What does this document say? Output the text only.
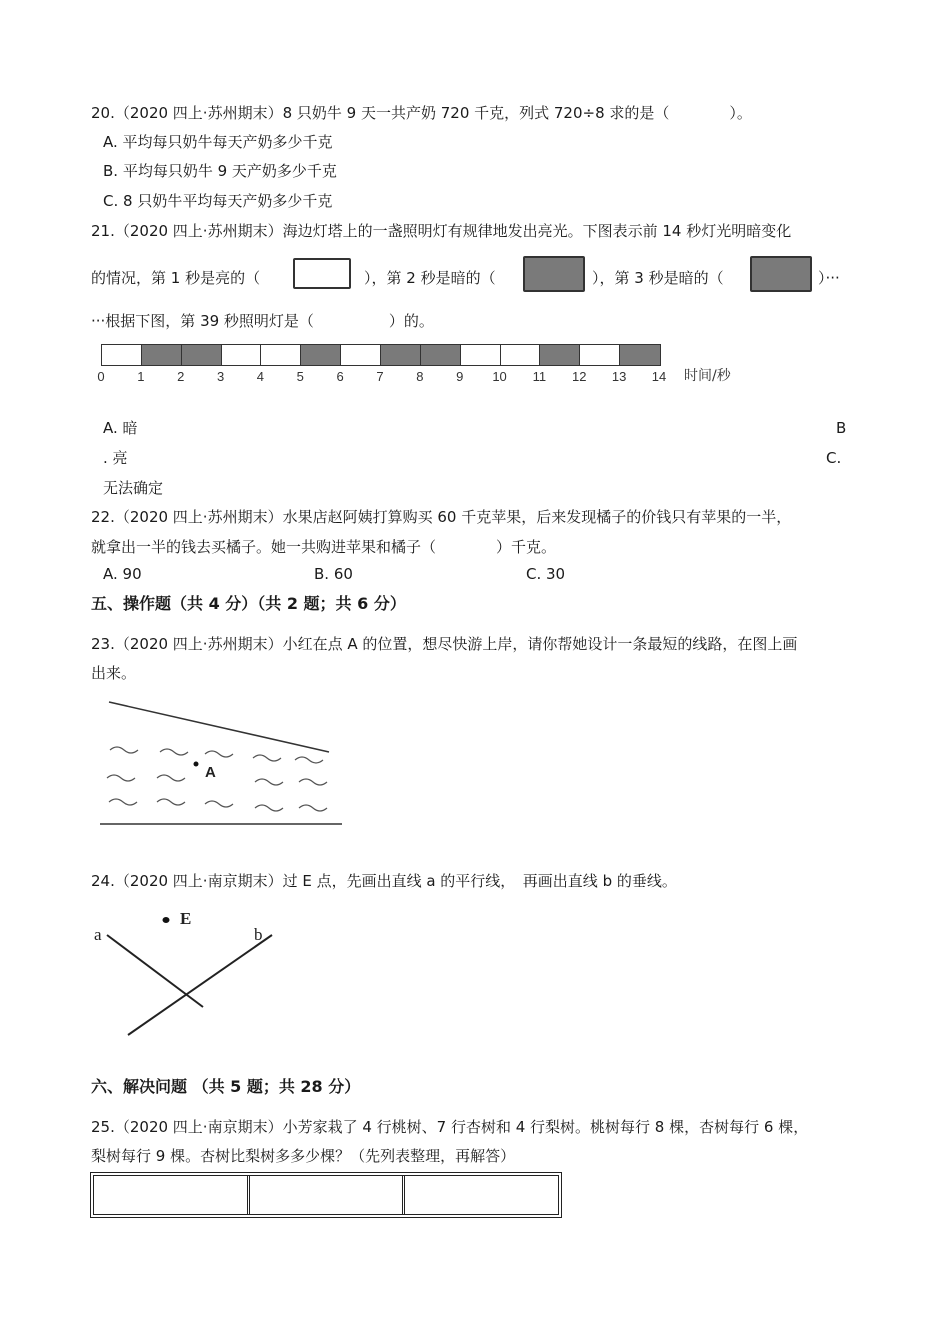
20.（2020 四上·苏州期末）8 只奶牛 9 天一共产奶 720 千克，列式 720÷8 求的是（　　　　）。
A. 平均每只奶牛每天产奶多少千克
B. 平均每只奶牛 9 天产奶多少千克
C. 8 只奶牛平均每天产奶多少千克
21.（2020 四上·苏州期末）海边灯塔上的一盏照明灯有规律地发出亮光。下图表示前 14 秒灯光明暗变化
的情况，第 1 秒是亮的（	），第 2 秒是暗的（	），第 3 秒是暗的（	）···
···根据下图，第 39 秒照明灯是（　　　　　）的。
0	1	2	3	4	5	6	7	8	9	10 11 12 13 14 时间/秒
A. 暗	B
. 亮	C.
无法确定
22.（2020 四上·苏州期末）水果店赵阿姨打算购买 60 千克苹果，后来发现橘子的价钱只有苹果的一半，
就拿出一半的钱去买橘子。她一共购进苹果和橘子（　　　　）千克。
A. 90	B. 60	C. 30
五、操作题（共 4 分）（共 2 题；共 6 分）
23.（2020 四上·苏州期末）小红在点 A 的位置，想尽快游上岸，请你帮她设计一条最短的线路，在图上画
出来。
A
24.（2020 四上·南京期末）过 E 点，先画出直线 a 的平行线，　再画出直线 b 的垂线。
E
a	b
六、解决问题 （共 5 题；共 28 分）
25.（2020 四上·南京期末）小芳家栽了 4 行桃树、7 行杏树和 4 行梨树。桃树每行 8 棵，杏树每行 6 棵，
梨树每行 9 棵。杏树比梨树多多少棵？（先列表整理，再解答）
